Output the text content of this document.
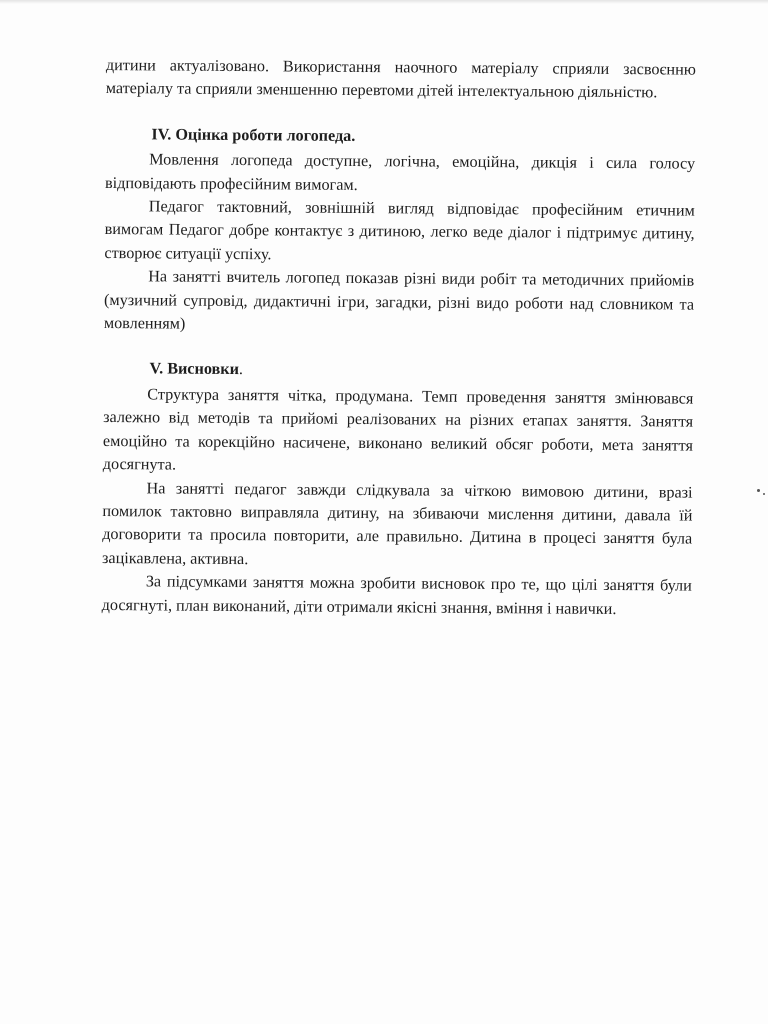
дитини актуалізовано. Використання наочного матеріалу сприяли засвоєнню матеріалу та сприяли зменшенню перевтоми дітей інтелектуальною діяльністю.

IV. Оцінка роботи логопеда.

Мовлення логопеда доступне, логічна, емоційна, дикція і сила голосу відповідають професійним вимогам.

Педагог тактовний, зовнішній вигляд відповідає професійним етичним вимогам Педагог добре контактує з дитиною, легко веде діалог і підтримує дитину, створює ситуації успіху.

На занятті вчитель логопед показав різні види робіт та методичних прийомів (музичний супровід, дидактичні ігри, загадки, різні видо роботи над словником та мовленням)

V. Висновки.

Структура заняття чітка, продумана. Темп проведення заняття змінювався залежно від методів та прийомі реалізованих на різних етапах заняття. Заняття емоційно та корекційно насичене, виконано великий обсяг роботи, мета заняття досягнута.

На занятті педагог завжди слідкувала за чіткою вимовою дитини, вразі помилок тактовно виправляла дитину, на збиваючи мислення дитини, давала їй договорити та просила повторити, але правильно. Дитина в процесі заняття була зацікавлена, активна.

За підсумками заняття можна зробити висновок про те, що цілі заняття були досягнуті, план виконаний, діти отримали якісні знання, вміння і навички.
